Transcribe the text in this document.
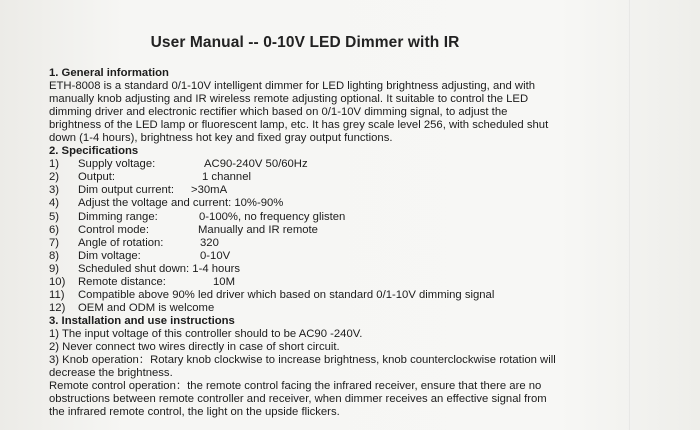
User Manual -- 0-10V LED Dimmer with IR
1. General information
ETH-8008 is a standard 0/1-10V intelligent dimmer for LED lighting brightness adjusting, and with
manually knob adjusting and IR wireless remote adjusting optional. It suitable to control the LED
dimming driver and electronic rectifier which based on 0/1-10V dimming signal, to adjust the
brightness of the LED lamp or fluorescent lamp, etc. It has grey scale level 256, with scheduled shut
down (1-4 hours), brightness hot key and fixed gray output functions.
2. Specifications
1)	Supply voltage:	AC90-240V 50/60Hz
2)	Output:	1 channel
3)	Dim output current:	>30mA
4)	Adjust the voltage and current: 10%-90%
5)	Dimming range:	0-100%, no frequency glisten
6)	Control mode:	Manually and IR remote
7)	Angle of rotation:	320
8)	Dim voltage:	0-10V
9)	Scheduled shut down: 1-4 hours
10)	Remote distance:	10M
11)	Compatible above 90% led driver which based on standard 0/1-10V dimming signal
12)	OEM and ODM is welcome
3. Installation and use instructions
1) The input voltage of this controller should to be AC90 -240V.
2) Never connect two wires directly in case of short circuit.
3) Knob operation：Rotary knob clockwise to increase brightness, knob counterclockwise rotation will
decrease the brightness.
Remote control operation：the remote control facing the infrared receiver, ensure that there are no
obstructions between remote controller and receiver, when dimmer receives an effective signal from
the infrared remote control, the light on the upside flickers.
